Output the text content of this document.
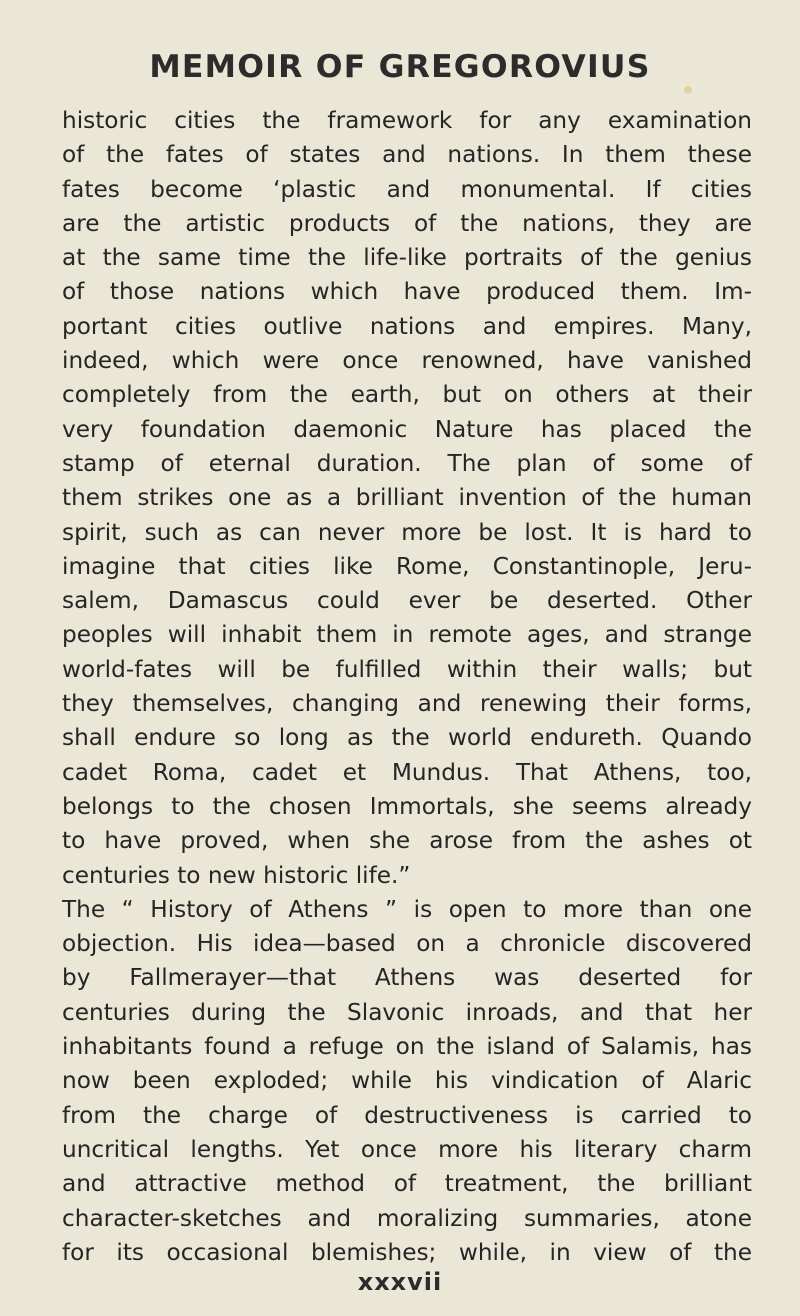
MEMOIR OF GREGOROVIUS
historic cities the framework for any examination
of the fates of states and nations. In them these
fates become ‘plastic and monumental. If cities
are the artistic products of the nations, they are
at the same time the life-like portraits of the genius
of those nations which have produced them. Im-
portant cities outlive nations and empires. Many,
indeed, which were once renowned, have vanished
completely from the earth, but on others at their
very foundation daemonic Nature has placed the
stamp of eternal duration. The plan of some of
them strikes one as a brilliant invention of the human
spirit, such as can never more be lost. It is hard to
imagine that cities like Rome, Constantinople, Jeru-
salem, Damascus could ever be deserted. Other
peoples will inhabit them in remote ages, and strange
world-fates will be fulfilled within their walls; but
they themselves, changing and renewing their forms,
shall endure so long as the world endureth. Quando
cadet Roma, cadet et Mundus. That Athens, too,
belongs to the chosen Immortals, she seems already
to have proved, when she arose from the ashes ot
centuries to new historic life.”
The “ History of Athens ” is open to more than one
objection. His idea—based on a chronicle discovered
by Fallmerayer—that Athens was deserted for
centuries during the Slavonic inroads, and that her
inhabitants found a refuge on the island of Salamis, has
now been exploded; while his vindication of Alaric
from the charge of destructiveness is carried to
uncritical lengths. Yet once more his literary charm
and attractive method of treatment, the brilliant
character-sketches and moralizing summaries, atone
for its occasional blemishes; while, in view of the
xxxvii
